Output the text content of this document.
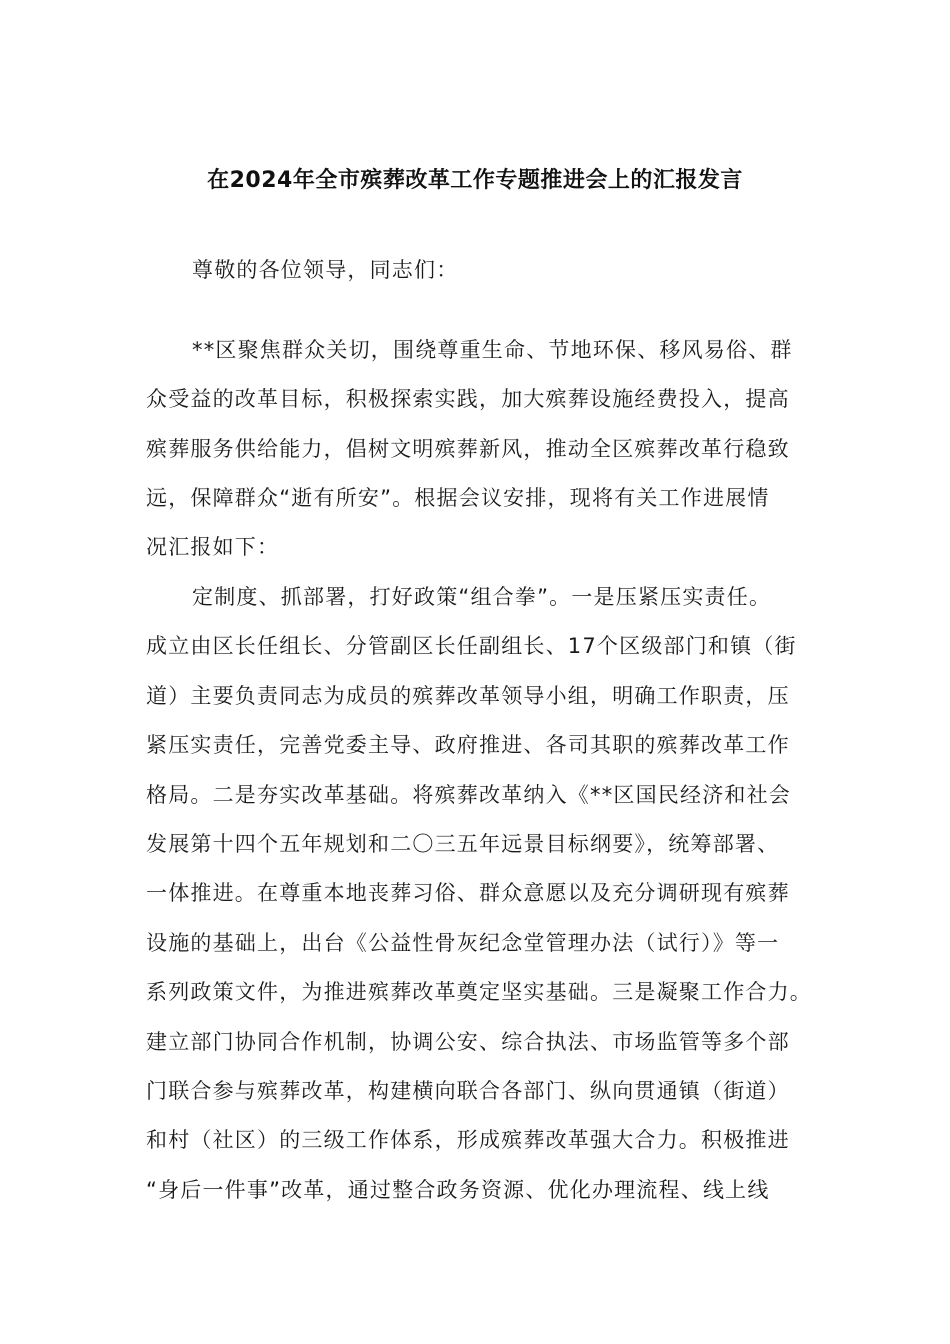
在2024年全市殡葬改革工作专题推进会上的汇报发言
尊敬的各位领导，同志们：
**区聚焦群众关切，围绕尊重生命、节地环保、移风易俗、群
众受益的改革目标，积极探索实践，加大殡葬设施经费投入，提高
殡葬服务供给能力，倡树文明殡葬新风，推动全区殡葬改革行稳致
远，保障群众“逝有所安”。根据会议安排，现将有关工作进展情
况汇报如下：
定制度、抓部署，打好政策“组合拳”。一是压紧压实责任。
成立由区长任组长、分管副区长任副组长、17个区级部门和镇（街
道）主要负责同志为成员的殡葬改革领导小组，明确工作职责，压
紧压实责任，完善党委主导、政府推进、各司其职的殡葬改革工作
格局。二是夯实改革基础。将殡葬改革纳入《**区国民经济和社会
发展第十四个五年规划和二〇三五年远景目标纲要》，统筹部署、
一体推进。在尊重本地丧葬习俗、群众意愿以及充分调研现有殡葬
设施的基础上，出台《公益性骨灰纪念堂管理办法（试行）》等一
系列政策文件，为推进殡葬改革奠定坚实基础。三是凝聚工作合力。
建立部门协同合作机制，协调公安、综合执法、市场监管等多个部
门联合参与殡葬改革，构建横向联合各部门、纵向贯通镇（街道）
和村（社区）的三级工作体系，形成殡葬改革强大合力。积极推进
“身后一件事”改革，通过整合政务资源、优化办理流程、线上线
